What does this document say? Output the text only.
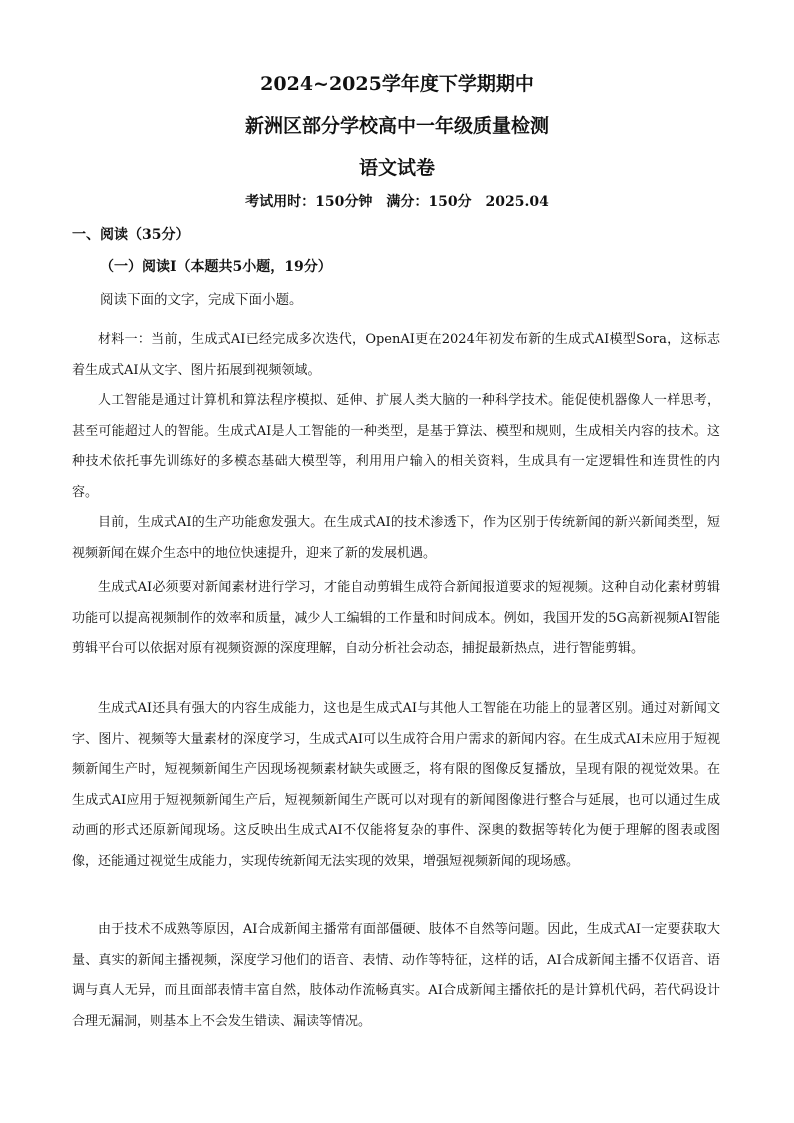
2024~2025学年度下学期期中
新洲区部分学校高中一年级质量检测
语文试卷
考试用时：150分钟　满分：150分　2025.04
一、阅读（35分）
（一）阅读Ⅰ（本题共5小题，19分）
阅读下面的文字，完成下面小题。

材料一：当前，生成式AI已经完成多次迭代，OpenAI更在2024年初发布新的生成式AI模型Sora，这标志着生成式AI从文字、图片拓展到视频领域。

人工智能是通过计算机和算法程序模拟、延伸、扩展人类大脑的一种科学技术。能促使机器像人一样思考，甚至可能超过人的智能。生成式AI是人工智能的一种类型，是基于算法、模型和规则，生成相关内容的技术。这种技术依托事先训练好的多模态基础大模型等，利用用户输入的相关资料，生成具有一定逻辑性和连贯性的内容。

目前，生成式AI的生产功能愈发强大。在生成式AI的技术渗透下，作为区别于传统新闻的新兴新闻类型，短视频新闻在媒介生态中的地位快速提升，迎来了新的发展机遇。

生成式AI必须要对新闻素材进行学习，才能自动剪辑生成符合新闻报道要求的短视频。这种自动化素材剪辑功能可以提高视频制作的效率和质量，减少人工编辑的工作量和时间成本。例如，我国开发的5G高新视频AI智能剪辑平台可以依据对原有视频资源的深度理解，自动分析社会动态，捕捉最新热点，进行智能剪辑。

生成式AI还具有强大的内容生成能力，这也是生成式AI与其他人工智能在功能上的显著区别。通过对新闻文字、图片、视频等大量素材的深度学习，生成式AI可以生成符合用户需求的新闻内容。在生成式AI未应用于短视频新闻生产时，短视频新闻生产因现场视频素材缺失或匮乏，将有限的图像反复播放，呈现有限的视觉效果。在生成式AI应用于短视频新闻生产后，短视频新闻生产既可以对现有的新闻图像进行整合与延展，也可以通过生成动画的形式还原新闻现场。这反映出生成式AI不仅能将复杂的事件、深奥的数据等转化为便于理解的图表或图像，还能通过视觉生成能力，实现传统新闻无法实现的效果，增强短视频新闻的现场感。

由于技术不成熟等原因，AI合成新闻主播常有面部僵硬、肢体不自然等问题。因此，生成式AI一定要获取大量、真实的新闻主播视频，深度学习他们的语音、表情、动作等特征，这样的话，AI合成新闻主播不仅语音、语调与真人无异，而且面部表情丰富自然，肢体动作流畅真实。AI合成新闻主播依托的是计算机代码，若代码设计合理无漏洞，则基本上不会发生错读、漏读等情况。
